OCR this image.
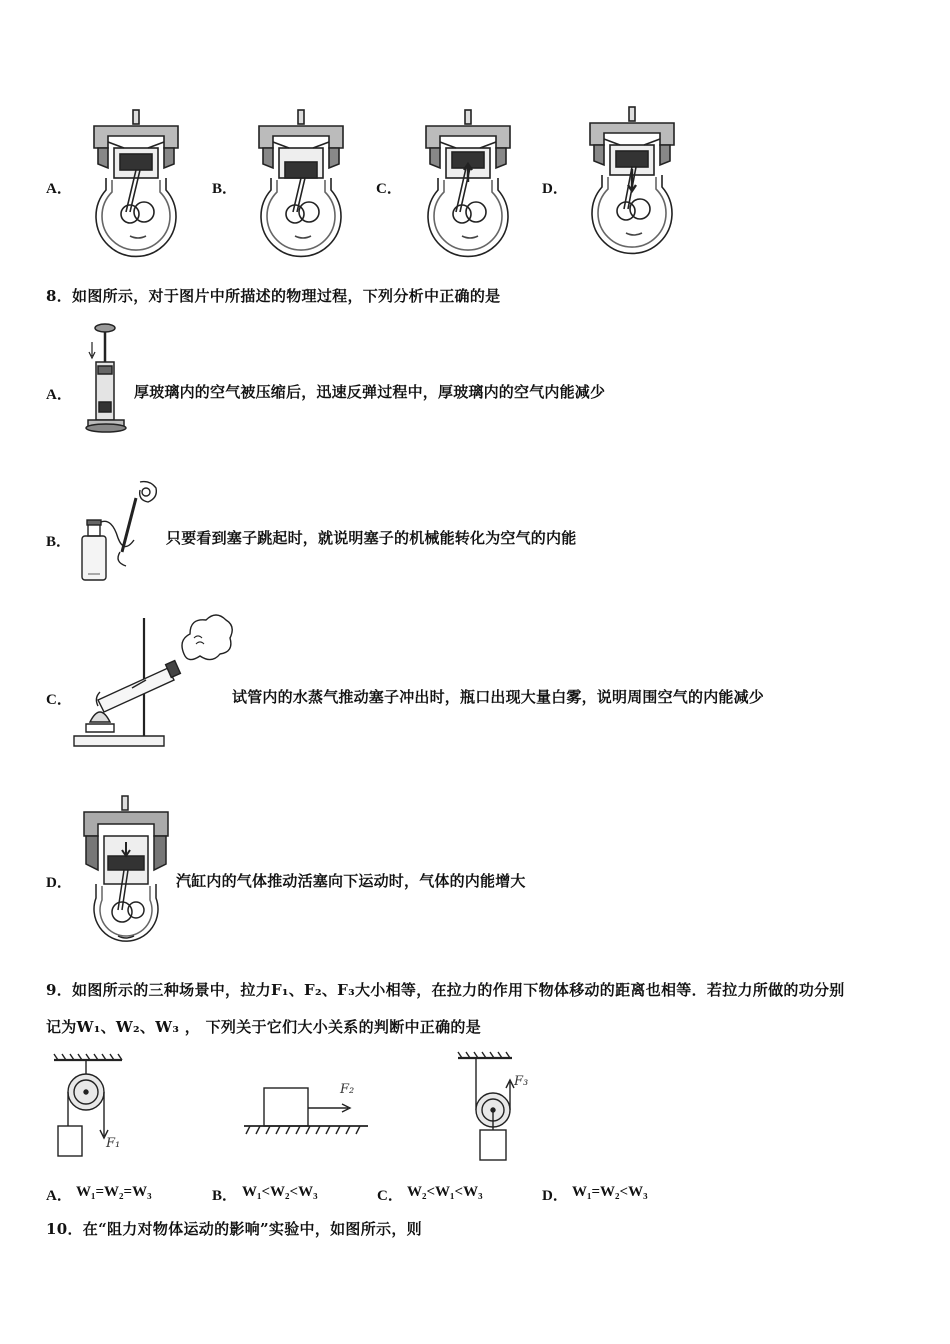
A．	B．	C．	D．
8．如图所示，对于图片中所描述的物理过程，下列分析中正确的是
A．	厚玻璃内的空气被压缩后，迅速反弹过程中，厚玻璃内的空气内能减少
B．	只要看到塞子跳起时，就说明塞子的机械能转化为空气的内能
C．	试管内的水蒸气推动塞子冲出时，瓶口出现大量白雾，说明周围空气的内能减少
D．	汽缸内的气体推动活塞向下运动时，气体的内能增大
9．如图所示的三种场景中，拉力F₁、F₂、F₃大小相等，在拉力的作用下物体移动的距离也相等．若拉力所做的功分别
记为W₁、W₂、W₃ ， 下列关于它们大小关系的判断中正确的是
F₁
F₂
F₃
A． W₁=W₂=W₃	B． W₁<W₂<W₃	C． W₂<W₁<W₃	D． W₁=W₂<W₃
10．在“阻力对物体运动的影响”实验中，如图所示，则
